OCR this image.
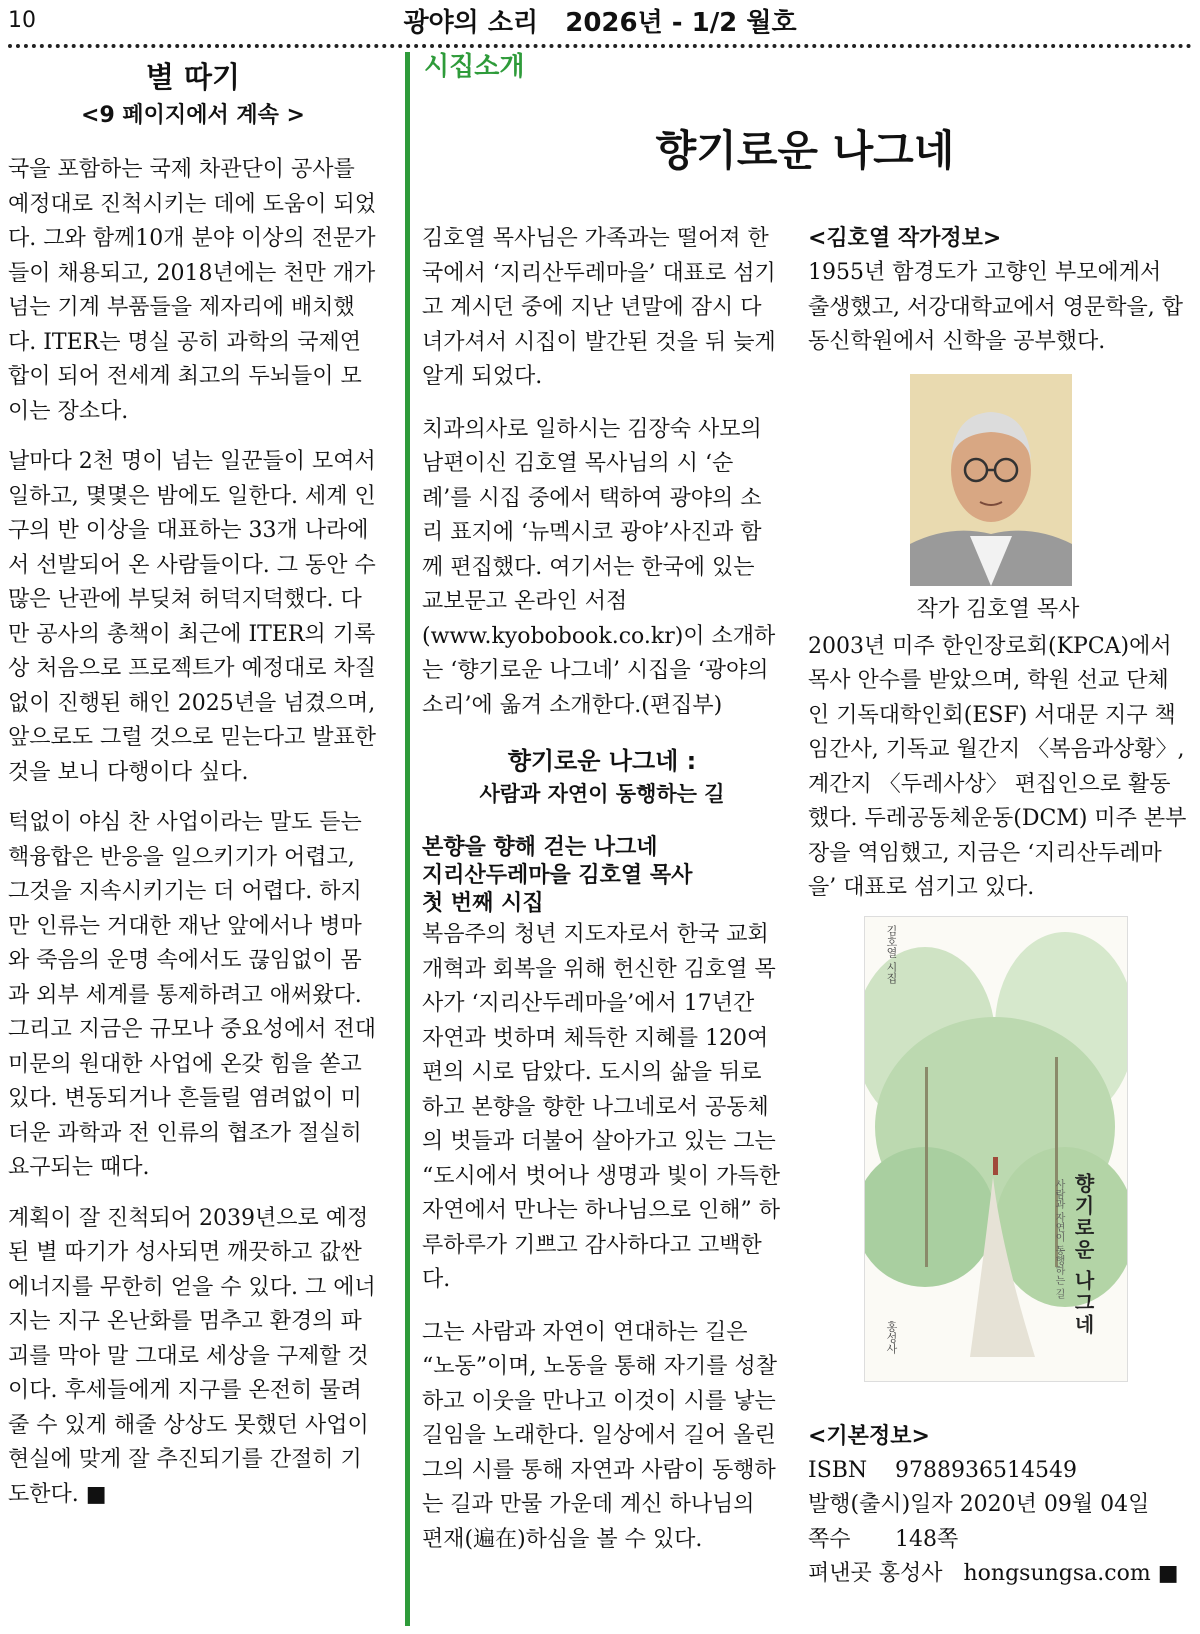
10	광야의 소리   2026년 - 1/2 월호
별 따기
<9 페이지에서 계속 >

국을 포함하는 국제 차관단이 공사를 예정대로 진척시키는 데에 도움이 되었다. 그와 함께10개 분야 이상의 전문가들이 채용되고, 2018년에는 천만 개가 넘는 기계 부품들을 제자리에 배치했다. ITER는 명실 공히 과학의 국제연합이 되어 전세계 최고의 두뇌들이 모이는 장소다.

날마다 2천 명이 넘는 일꾼들이 모여서 일하고, 몇몇은 밤에도 일한다. 세계 인구의 반 이상을 대표하는 33개 나라에서 선발되어 온 사람들이다. 그 동안 수많은 난관에 부딪쳐 허덕지덕했다. 다만 공사의 총책이 최근에 ITER의 기록상 처음으로 프로젝트가 예정대로 차질없이 진행된 해인 2025년을 넘겼으며, 앞으로도 그럴 것으로 믿는다고 발표한 것을 보니 다행이다 싶다.

턱없이 야심 찬 사업이라는 말도 듣는 핵융합은 반응을 일으키기가 어렵고, 그것을 지속시키기는 더 어렵다. 하지만 인류는 거대한 재난 앞에서나 병마와 죽음의 운명 속에서도 끊임없이 몸과 외부 세계를 통제하려고 애써왔다. 그리고 지금은 규모나 중요성에서 전대미문의 원대한 사업에 온갖 힘을 쏟고 있다. 변동되거나 흔들릴 염려없이 미더운 과학과 전 인류의 협조가 절실히 요구되는 때다.

계획이 잘 진척되어 2039년으로 예정된 별 따기가 성사되면 깨끗하고 값싼 에너지를 무한히 얻을 수 있다. 그 에너지는 지구 온난화를 멈추고 환경의 파괴를 막아 말 그대로 세상을 구제할 것이다. 후세들에게 지구를 온전히 물려줄 수 있게 해줄 상상도 못했던 사업이 현실에 맞게 잘 추진되기를 간절히 기도한다. ■

시집소개
향기로운 나그네

김호열 목사님은 가족과는 떨어져 한국에서 ‘지리산두레마을’ 대표로 섬기고 계시던 중에 지난 년말에 잠시 다녀가셔서 시집이 발간된 것을 뒤 늦게 알게 되었다.

치과의사로 일하시는 김장숙 사모의 남편이신 김호열 목사님의 시 ‘순례’를 시집 중에서 택하여 광야의 소리 표지에 ‘뉴멕시코 광야’사진과 함께 편집했다. 여기서는 한국에 있는 교보문고 온라인 서점(www.kyobobook.co.kr)이 소개하는 ‘향기로운 나그네’ 시집을 ‘광야의 소리’에 옮겨 소개한다.(편집부)

향기로운 나그네 :
사람과 자연이 동행하는 길
본향을 향해 걷는 나그네
지리산두레마을 김호열 목사
첫 번째 시집

복음주의 청년 지도자로서 한국 교회 개혁과 회복을 위해 헌신한 김호열 목사가 ‘지리산두레마을’에서 17년간 자연과 벗하며 체득한 지혜를 120여 편의 시로 담았다. 도시의 삶을 뒤로하고 본향을 향한 나그네로서 공동체의 벗들과 더불어 살아가고 있는 그는 “도시에서 벗어나 생명과 빛이 가득한 자연에서 만나는 하나님으로 인해” 하루하루가 기쁘고 감사하다고 고백한다.

그는 사람과 자연이 연대하는 길은 “노동”이며, 노동을 통해 자기를 성찰하고 이웃을 만나고 이것이 시를 낳는 길임을 노래한다. 일상에서 길어 올린 그의 시를 통해 자연과 사람이 동행하는 길과 만물 가운데 계신 하나님의 편재(遍在)하심을 볼 수 있다.

<김호열 작가정보>

1955년 함경도가 고향인 부모에게서 출생했고, 서강대학교에서 영문학을, 합동신학원에서 신학을 공부했다.

작가 김호열 목사

2003년 미주 한인장로회(KPCA)에서 목사 안수를 받았으며, 학원 선교 단체인 기독대학인회(ESF) 서대문 지구 책임간사, 기독교 월간지 〈복음과상황〉, 계간지 〈두레사상〉 편집인으로 활동했다. 두레공동체운동(DCM) 미주 본부장을 역임했고, 지금은 ‘지리산두레마을’ 대표로 섬기고 있다.

김호열 시집
향기로운 나그네
사람과 자연이 동행하는 길
홍성사
<기본정보>
ISBN 9788936514549
발행(출시)일자 2020년 09월 04일
쪽수 148쪽
펴낸곳 홍성사   hongsungsa.com ■
